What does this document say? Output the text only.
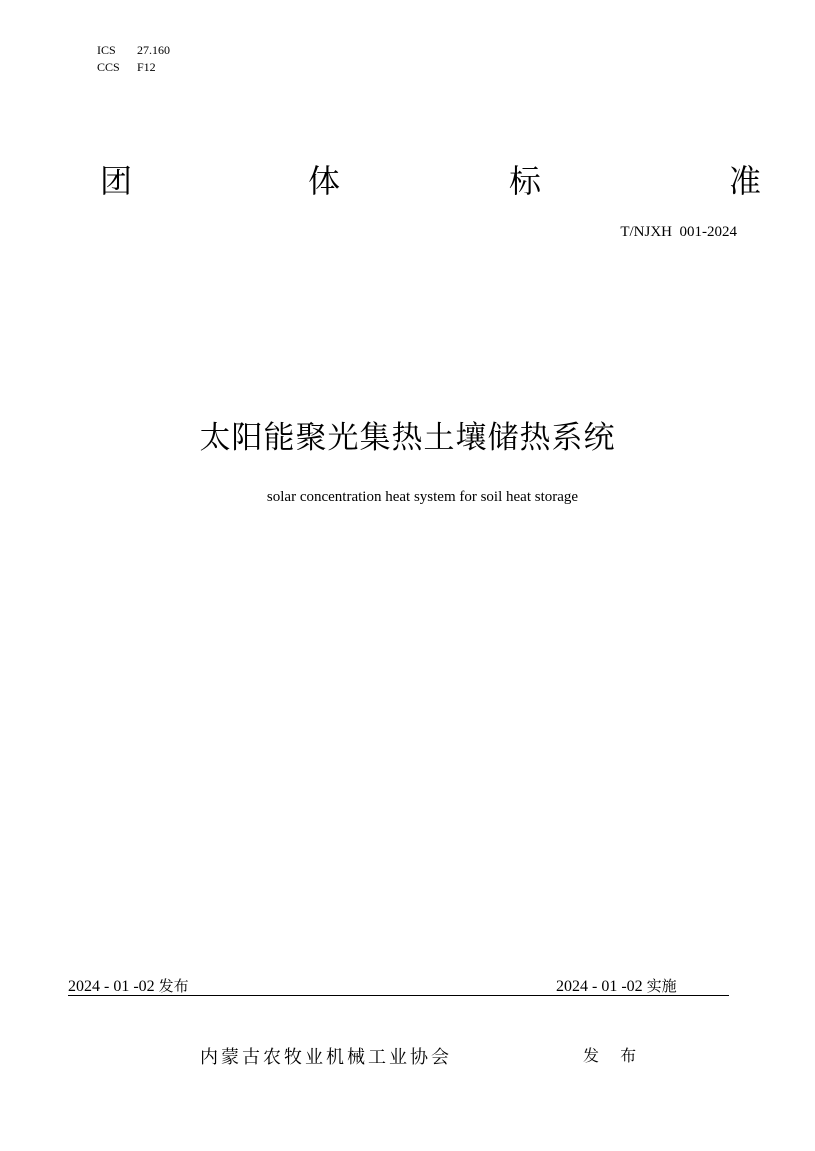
ICS 27.160
CCS F12
团	体	标	准
T/NJXH  001-2024
太阳能聚光集热土壤储热系统
solar concentration heat system for soil heat storage
2024 - 01 -02 发布	2024 - 01 -02 实施
内蒙古农牧业机械工业协会	发 布
